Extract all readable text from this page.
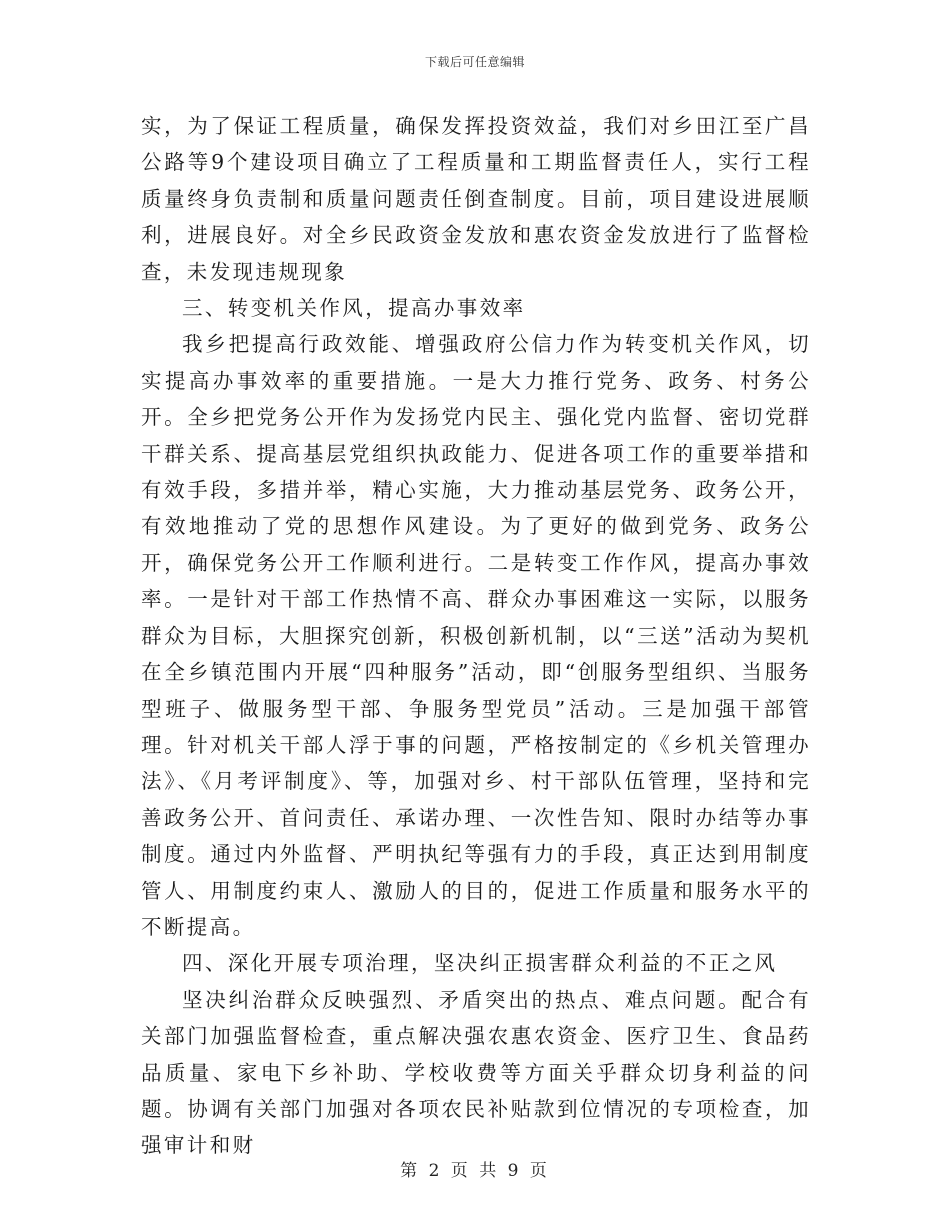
下载后可任意编辑

实，为了保证工程质量，确保发挥投资效益，我们对乡田江至广昌公路等9个建设项目确立了工程质量和工期监督责任人，实行工程质量终身负责制和质量问题责任倒查制度。目前，项目建设进展顺利，进展良好。对全乡民政资金发放和惠农资金发放进行了监督检查，未发现违规现象

三、转变机关作风，提高办事效率

我乡把提高行政效能、增强政府公信力作为转变机关作风，切实提高办事效率的重要措施。一是大力推行党务、政务、村务公开。全乡把党务公开作为发扬党内民主、强化党内监督、密切党群干群关系、提高基层党组织执政能力、促进各项工作的重要举措和有效手段，多措并举，精心实施，大力推动基层党务、政务公开，有效地推动了党的思想作风建设。为了更好的做到党务、政务公开，确保党务公开工作顺利进行。二是转变工作作风，提高办事效率。一是针对干部工作热情不高、群众办事困难这一实际，以服务群众为目标，大胆探究创新，积极创新机制，以“三送”活动为契机在全乡镇范围内开展“四种服务”活动，即“创服务型组织、当服务型班子、做服务型干部、争服务型党员”活动。三是加强干部管理。针对机关干部人浮于事的问题，严格按制定的《乡机关管理办法》、《月考评制度》、等，加强对乡、村干部队伍管理，坚持和完善政务公开、首问责任、承诺办理、一次性告知、限时办结等办事制度。通过内外监督、严明执纪等强有力的手段，真正达到用制度管人、用制度约束人、激励人的目的，促进工作质量和服务水平的不断提高。

四、深化开展专项治理，坚决纠正损害群众利益的不正之风

坚决纠治群众反映强烈、矛盾突出的热点、难点问题。配合有关部门加强监督检查，重点解决强农惠农资金、医疗卫生、食品药品质量、家电下乡补助、学校收费等方面关乎群众切身利益的问题。协调有关部门加强对各项农民补贴款到位情况的专项检查，加强审计和财

第 2 页 共 9 页
